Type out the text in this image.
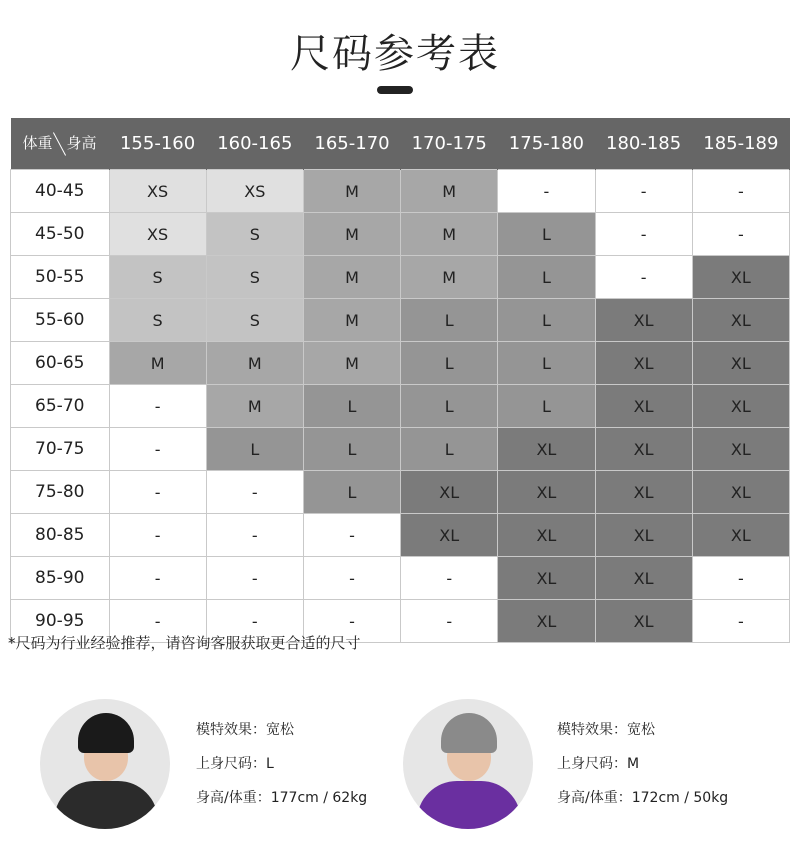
尺码参考表
体重 身高	155-160	160-165	165-170	170-175	175-180	180-185	185-189
40-45	XS	XS	M	M	-	-	-
45-50	XS	S	M	M	L	-	-
50-55	S	S	M	M	L	-	XL
55-60	S	S	M	L	L	XL	XL
60-65	M	M	M	L	L	XL	XL
65-70	-	M	L	L	L	XL	XL
70-75	-	L	L	L	XL	XL	XL
75-80	-	-	L	XL	XL	XL	XL
80-85	-	-	-	XL	XL	XL	XL
85-90	-	-	-	-	XL	XL	-
90-95	-	-	-	-	XL	XL	-
*尺码为行业经验推荐，请咨询客服获取更合适的尺寸
模特效果：宽松
上身尺码：L
身高/体重：177cm / 62kg
模特效果：宽松
上身尺码：M
身高/体重：172cm / 50kg
